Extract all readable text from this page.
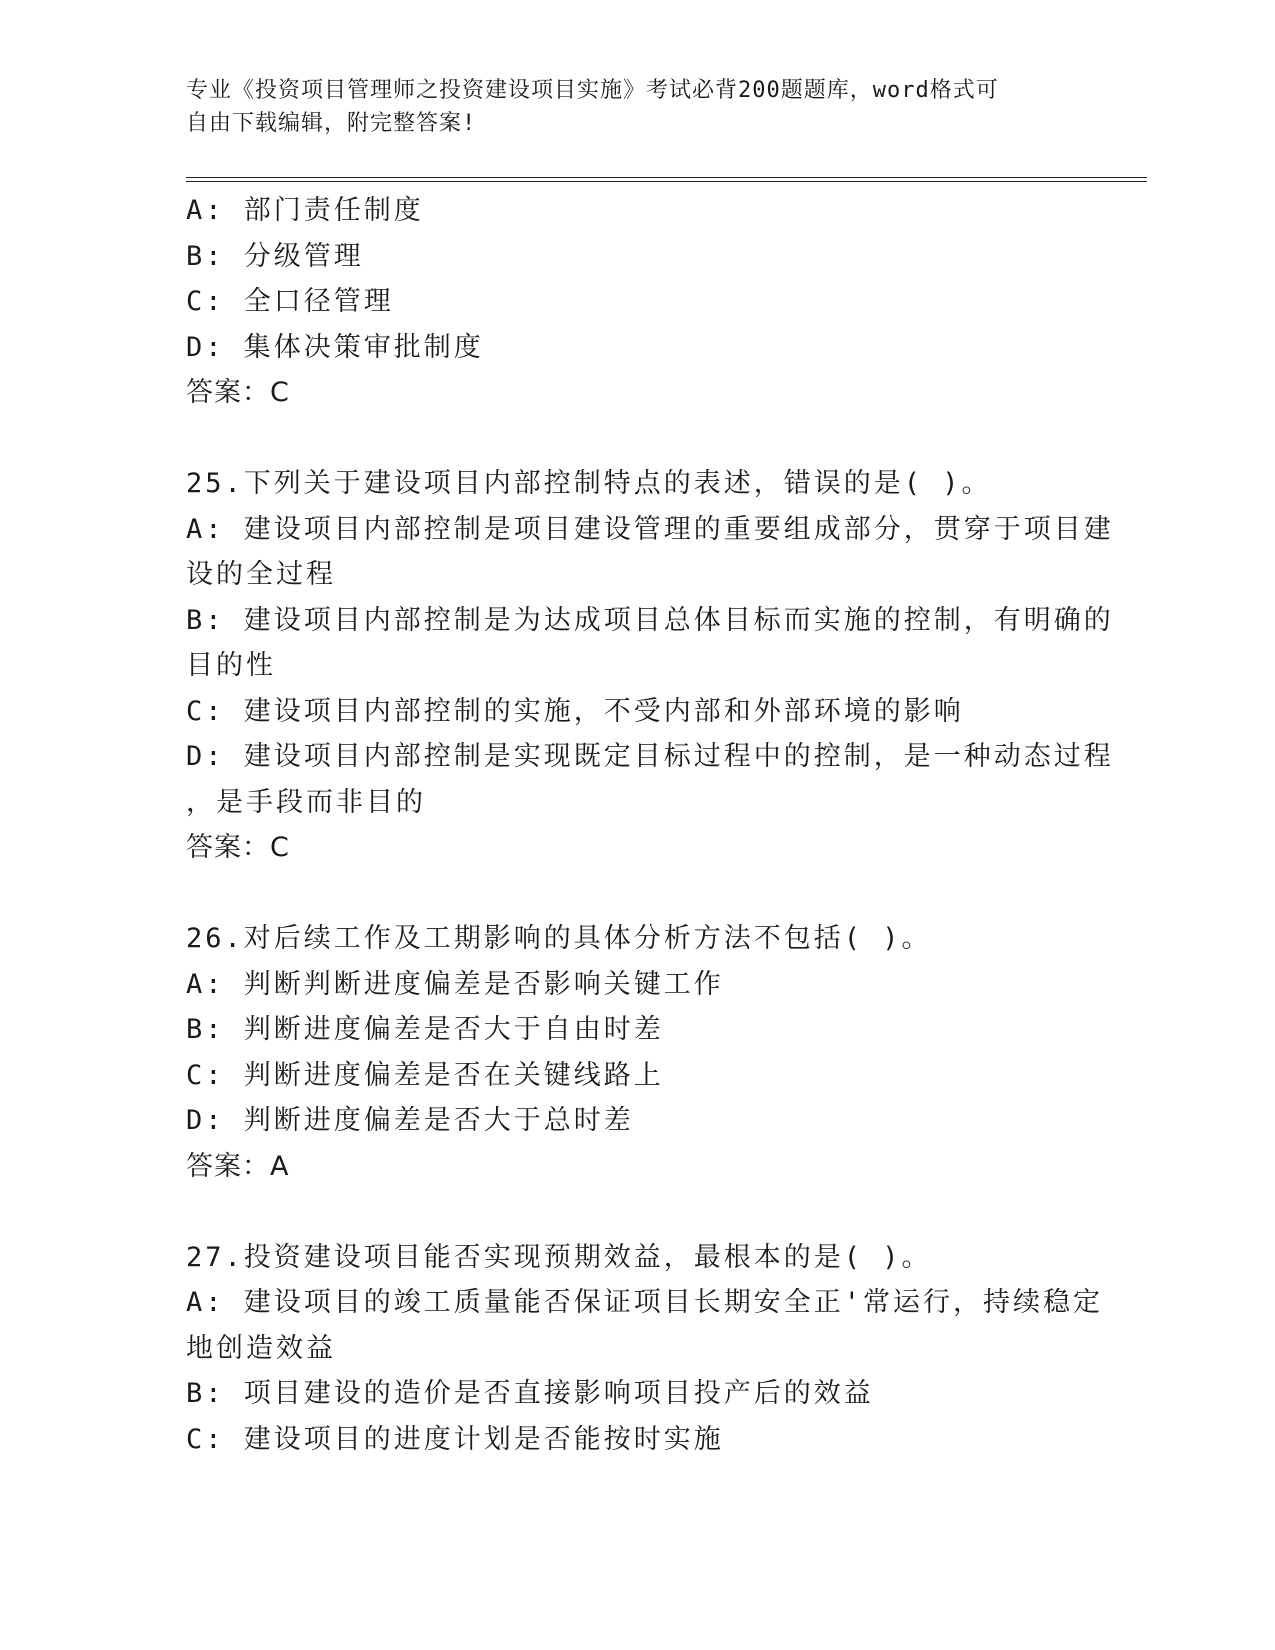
专业《投资项目管理师之投资建设项目实施》考试必背200题题库，word格式可
自由下载编辑，附完整答案!
A: 部门责任制度
B: 分级管理
C: 全口径管理
D: 集体决策审批制度
答案：C
25.下列关于建设项目内部控制特点的表述，错误的是( )。
A: 建设项目内部控制是项目建设管理的重要组成部分，贯穿于项目建
设的全过程
B: 建设项目内部控制是为达成项目总体目标而实施的控制，有明确的
目的性
C: 建设项目内部控制的实施，不受内部和外部环境的影响
D: 建设项目内部控制是实现既定目标过程中的控制，是一种动态过程
，是手段而非目的
答案：C
26.对后续工作及工期影响的具体分析方法不包括( )。
A: 判断判断进度偏差是否影响关键工作
B: 判断进度偏差是否大于自由时差
C: 判断进度偏差是否在关键线路上
D: 判断进度偏差是否大于总时差
答案：A
27.投资建设项目能否实现预期效益，最根本的是( )。
A: 建设项目的竣工质量能否保证项目长期安全正'常运行，持续稳定
地创造效益
B: 项目建设的造价是否直接影响项目投产后的效益
C: 建设项目的进度计划是否能按时实施
